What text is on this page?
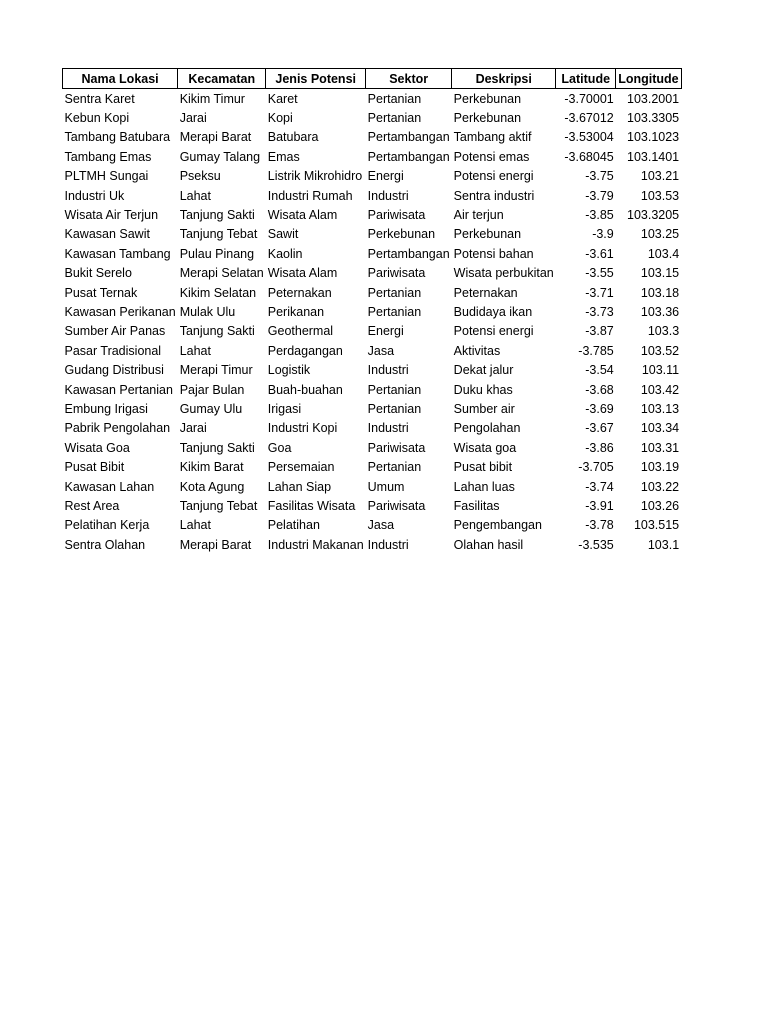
Nama Lokasi	Kecamatan	Jenis Potensi	Sektor	Deskripsi	Latitude	Longitude
Sentra Karet	Kikim Timur	Karet	Pertanian	Perkebunan	-3.70001	103.2001
Kebun Kopi	Jarai	Kopi	Pertanian	Perkebunan	-3.67012	103.3305
Tambang Batubara	Merapi Barat	Batubara	Pertambangan	Tambang aktif	-3.53004	103.1023
Tambang Emas	Gumay Talang	Emas	Pertambangan	Potensi emas	-3.68045	103.1401
PLTMH Sungai	Pseksu	Listrik Mikrohidro	Energi	Potensi energi	-3.75	103.21
Industri Uk	Lahat	Industri Rumah	Industri	Sentra industri	-3.79	103.53
Wisata Air Terjun	Tanjung Sakti	Wisata Alam	Pariwisata	Air terjun	-3.85	103.3205
Kawasan Sawit	Tanjung Tebat	Sawit	Perkebunan	Perkebunan	-3.9	103.25
Kawasan Tambang	Pulau Pinang	Kaolin	Pertambangan	Potensi bahan	-3.61	103.4
Bukit Serelo	Merapi Selatan	Wisata Alam	Pariwisata	Wisata perbukitan	-3.55	103.15
Pusat Ternak	Kikim Selatan	Peternakan	Pertanian	Peternakan	-3.71	103.18
Kawasan Perikanan	Mulak Ulu	Perikanan	Pertanian	Budidaya ikan	-3.73	103.36
Sumber Air Panas	Tanjung Sakti	Geothermal	Energi	Potensi energi	-3.87	103.3
Pasar Tradisional	Lahat	Perdagangan	Jasa	Aktivitas	-3.785	103.52
Gudang Distribusi	Merapi Timur	Logistik	Industri	Dekat jalur	-3.54	103.11
Kawasan Pertanian	Pajar Bulan	Buah-buahan	Pertanian	Duku khas	-3.68	103.42
Embung Irigasi	Gumay Ulu	Irigasi	Pertanian	Sumber air	-3.69	103.13
Pabrik Pengolahan	Jarai	Industri Kopi	Industri	Pengolahan	-3.67	103.34
Wisata Goa	Tanjung Sakti	Goa	Pariwisata	Wisata goa	-3.86	103.31
Pusat Bibit	Kikim Barat	Persemaian	Pertanian	Pusat bibit	-3.705	103.19
Kawasan Lahan	Kota Agung	Lahan Siap	Umum	Lahan luas	-3.74	103.22
Rest Area	Tanjung Tebat	Fasilitas Wisata	Pariwisata	Fasilitas	-3.91	103.26
Pelatihan Kerja	Lahat	Pelatihan	Jasa	Pengembangan	-3.78	103.515
Sentra Olahan	Merapi Barat	Industri Makanan	Industri	Olahan hasil	-3.535	103.1
